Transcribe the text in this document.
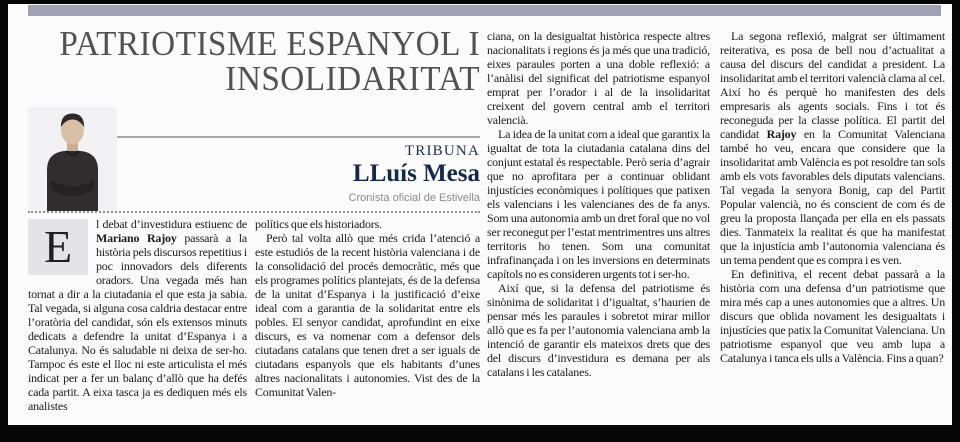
PATRIOTISME ESPANYOL I
INSOLIDARITAT
TRIBUNA
LLuís Mesa
Cronista oficial de Estivella

E	l debat d’investidura estiuenc de Mariano Rajoy passarà a la història pels discursos repetitius i poc innovadors dels diferents oradors. Una vegada més han tornat a dir a la ciutadania el que esta ja sabia. Tal vegada, si alguna cosa caldria destacar entre l’oratòria del candidat, són els extensos minuts dedicats a defendre la unitat d’Espanya i a Catalunya. No és saludable ni deixa de ser-ho. Tampoc és este el lloc ni este articulista el més indicat per a fer un balanç d’allò que ha defés cada partit. A eixa tasca ja es dediquen més els analistes

polítics que els historiadors.

Però tal volta allò que més crida l’atenció a este estudiós de la recent història valenciana i de la consolidació del procés democràtic, més que els programes polítics plantejats, és de la defensa de la unitat d’Espanya i la justificació d’eixe ideal com a garantia de la solidaritat entre els pobles. El senyor candidat, aprofundint en eixe discurs, es va nomenar com a defensor dels ciutadans catalans que tenen dret a ser iguals de ciutadans espanyols que els habitants d’unes altres nacionalitats i autonomies. Vist des de la Comunitat Valen-

ciana, on la desigualtat històrica respecte altres nacionalitats i regions és ja més que una tradició, eixes paraules porten a una doble reflexió: a l’anàlisi del significat del patriotisme espanyol emprat per l’orador i al de la insolidaritat creixent del govern central amb el territori valencià.

La idea de la unitat com a ideal que garantix la igualtat de tota la ciutadania catalana dins del conjunt estatal és respectable. Però seria d’agrair que no aprofitara per a continuar oblidant injustícies econòmiques i polítiques que patixen els valencians i les valencianes des de fa anys. Som una autonomia amb un dret foral que no vol ser reconegut per l’estat mentrimentres uns altres territoris ho tenen. Som una comunitat infrafinançada i on les inversions en determinats capítols no es consideren urgents tot i ser-ho.

Així que, si la defensa del patriotisme és sinònima de solidaritat i d’igualtat, s’haurien de pensar més les paraules i sobretot mirar millor allò que es fa per l’autonomia valenciana amb la intenció de garantir els mateixos drets que des del discurs d’investidura es demana per als catalans i les catalanes.

La segona reflexió, malgrat ser últimament reiterativa, es posa de bell nou d’actualitat a causa del discurs del candidat a president. La insolidaritat amb el territori valencià clama al cel. Així ho és perquè ho manifesten des dels empresaris als agents socials. Fins i tot és reconeguda per la classe política. El partit del candidat Rajoy en la Comunitat Valenciana també ho veu, encara que considere que la insolidaritat amb València es pot resoldre tan sols amb els vots favorables dels diputats valencians. Tal vegada la senyora Bonig, cap del Partit Popular valencià, no és conscient de com és de greu la proposta llançada per ella en els passats dies. Tanmateix la realitat és que ha manifestat que la injustícia amb l’autonomia valenciana és un tema pendent que es compra i es ven.

En definitiva, el recent debat passarà a la història com una defensa d’un patriotisme que mira més cap a unes autonomies que a altres. Un discurs que oblida novament les desigualtats i injustícies que patix la Comunitat Valenciana. Un patriotisme espanyol que veu amb lupa a Catalunya i tanca els ulls a València. Fins a quan?
